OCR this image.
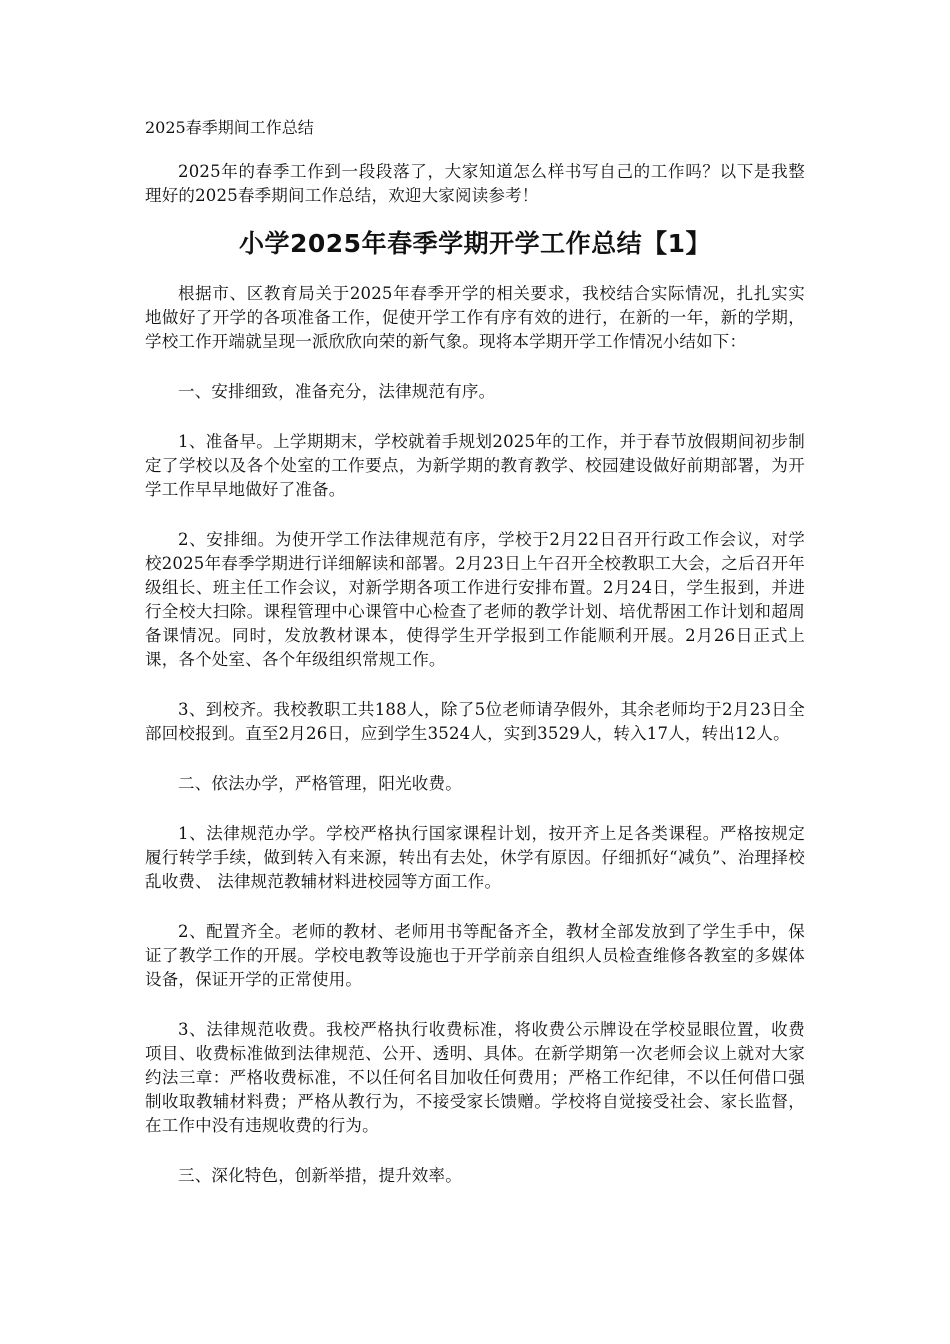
2025春季期间工作总结

2025年的春季工作到一段段落了，大家知道怎么样书写自己的工作吗？以下是我整理好的2025春季期间工作总结，欢迎大家阅读参考！

小学2025年春季学期开学工作总结【1】

根据市、区教育局关于2025年春季开学的相关要求，我校结合实际情况，扎扎实实地做好了开学的各项准备工作，促使开学工作有序有效的进行，在新的一年，新的学期，学校工作开端就呈现一派欣欣向荣的新气象。现将本学期开学工作情况小结如下：

一、安排细致，准备充分，法律规范有序。

1、准备早。上学期期末，学校就着手规划2025年的工作，并于春节放假期间初步制定了学校以及各个处室的工作要点，为新学期的教育教学、校园建设做好前期部署，为开学工作早早地做好了准备。

2、安排细。为使开学工作法律规范有序，学校于2月22日召开行政工作会议，对学校2025年春季学期进行详细解读和部署。2月23日上午召开全校教职工大会，之后召开年级组长、班主任工作会议，对新学期各项工作进行安排布置。2月24日，学生报到，并进行全校大扫除。课程管理中心课管中心检查了老师的教学计划、培优帮困工作计划和超周备课情况。同时，发放教材课本，使得学生开学报到工作能顺利开展。2月26日正式上课，各个处室、各个年级组织常规工作。

3、到校齐。我校教职工共188人，除了5位老师请孕假外，其余老师均于2月23日全部回校报到。直至2月26日，应到学生3524人，实到3529人，转入17人，转出12人。

二、依法办学，严格管理，阳光收费。

1、法律规范办学。学校严格执行国家课程计划，按开齐上足各类课程。严格按规定履行转学手续，做到转入有来源，转出有去处，休学有原因。仔细抓好“减负”、治理择校乱收费、 法律规范教辅材料进校园等方面工作。

2、配置齐全。老师的教材、老师用书等配备齐全，教材全部发放到了学生手中，保证了教学工作的开展。学校电教等设施也于开学前亲自组织人员检查维修各教室的多媒体设备，保证开学的正常使用。

3、法律规范收费。我校严格执行收费标准，将收费公示牌设在学校显眼位置，收费项目、收费标准做到法律规范、公开、透明、具体。在新学期第一次老师会议上就对大家约法三章：严格收费标准，不以任何名目加收任何费用；严格工作纪律，不以任何借口强制收取教辅材料费；严格从教行为，不接受家长馈赠。学校将自觉接受社会、家长监督，在工作中没有违规收费的行为。

三、深化特色，创新举措，提升效率。
